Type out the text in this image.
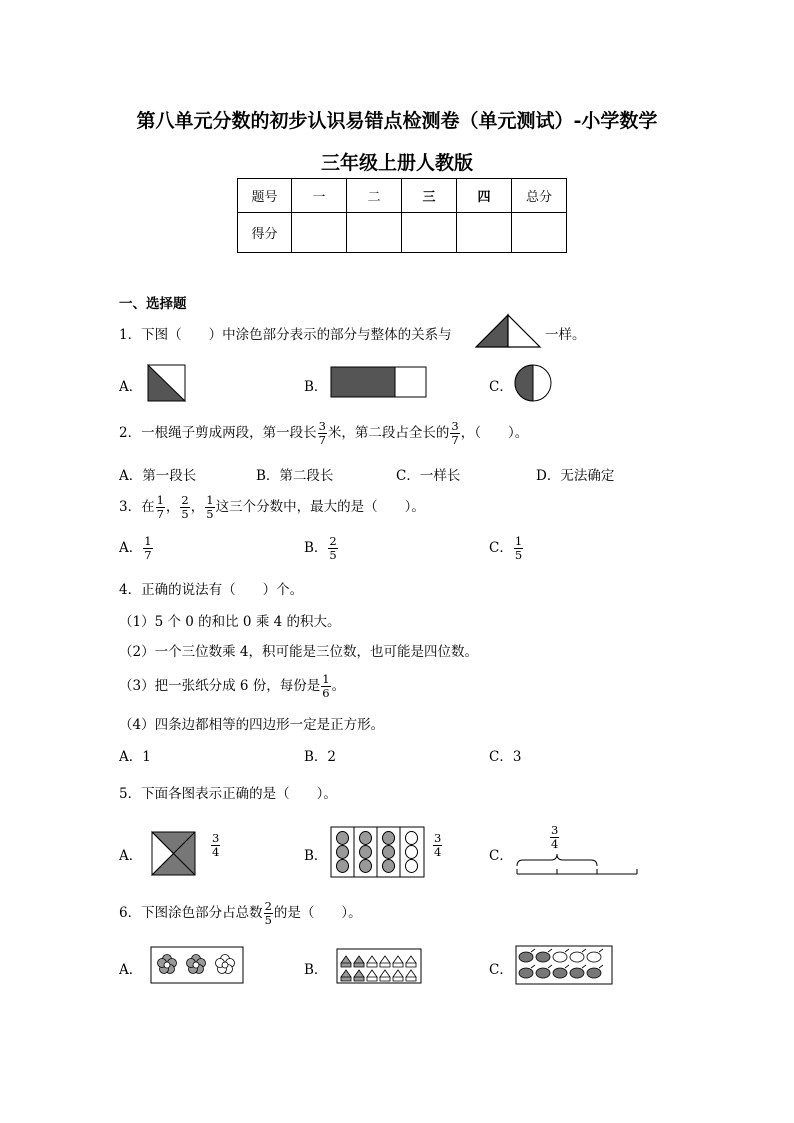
第八单元分数的初步认识易错点检测卷（单元测试）-小学数学
三年级上册人教版
题号	一	二	三	四	总分
得分					
一、选择题
1．下图（　　）中涂色部分表示的部分与整体的关系与	一样。
A．	B．	C．
2．一根绳子剪成两段，第一段长 $\frac{3}{7}$ 米，第二段占全长的 $\frac{3}{7}$ ，（　　）。
A．第一段长	B．第二段长	C．一样长	D．无法确定
3．在 $\frac{1}{7}$ ， $\frac{2}{5}$ ， $\frac{1}{5}$ 这三个分数中，最大的是（　　）。
A． $\frac{1}{7}$	B． $\frac{2}{5}$	C． $\frac{1}{5}$
4．正确的说法有（　　）个。
（1）5 个 0 的和比 0 乘 4 的积大。
（2）一个三位数乘 4，积可能是三位数，也可能是四位数。
（3）把一张纸分成 6 份，每份是 $\frac{1}{6}$ 。
（4）四条边都相等的四边形一定是正方形。
A．1	B．2	C．3
5．下面各图表示正确的是（　　）。
A．	$\frac{3}{4}$	B．	$\frac{3}{4}$	C．
$\frac{3}{4}$
6．下图涂色部分占总数 $\frac{2}{5}$ 的是（　　）。
A．	B．	C．
